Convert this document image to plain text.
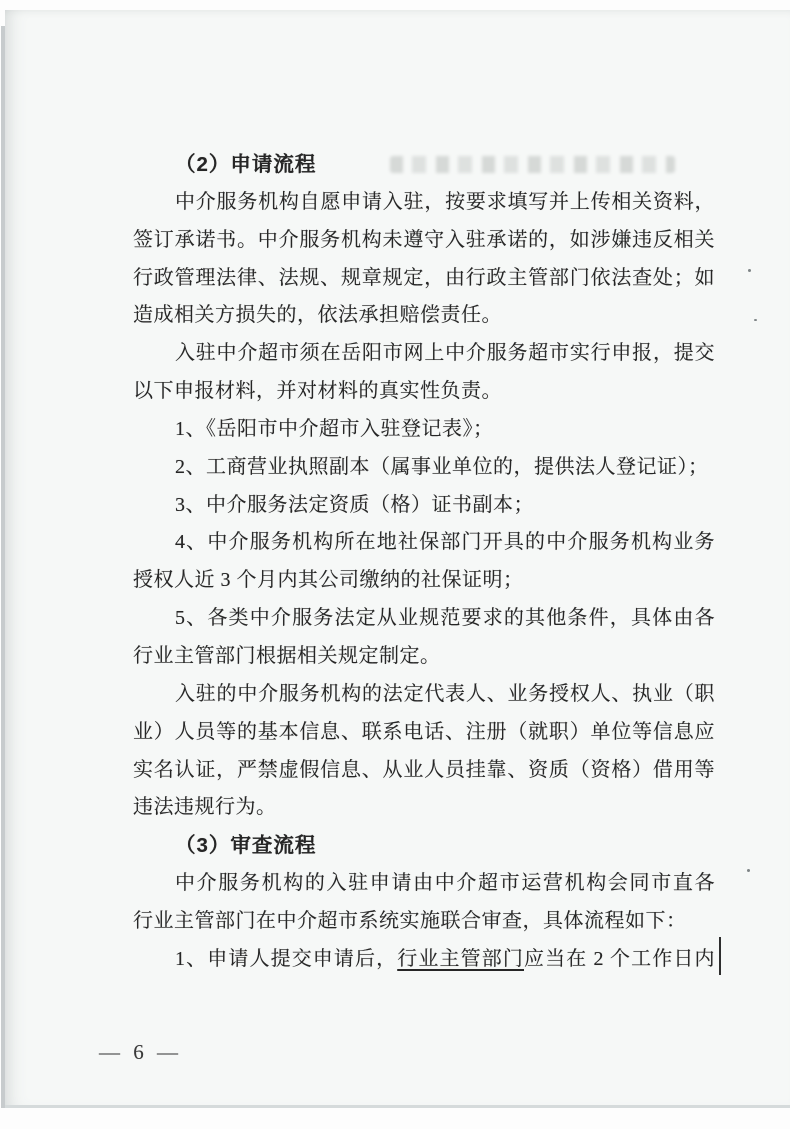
（2）申请流程
中介服务机构自愿申请入驻，按要求填写并上传相关资料，
签订承诺书。中介服务机构未遵守入驻承诺的，如涉嫌违反相关
行政管理法律、法规、规章规定，由行政主管部门依法查处；如
造成相关方损失的，依法承担赔偿责任。
入驻中介超市须在岳阳市网上中介服务超市实行申报，提交
以下申报材料，并对材料的真实性负责。
1、《岳阳市中介超市入驻登记表》；
2、工商营业执照副本（属事业单位的，提供法人登记证）；
3、中介服务法定资质（格）证书副本；
4、中介服务机构所在地社保部门开具的中介服务机构业务
授权人近 3 个月内其公司缴纳的社保证明；
5、各类中介服务法定从业规范要求的其他条件，具体由各
行业主管部门根据相关规定制定。
入驻的中介服务机构的法定代表人、业务授权人、执业（职
业）人员等的基本信息、联系电话、注册（就职）单位等信息应
实名认证，严禁虚假信息、从业人员挂靠、资质（资格）借用等
违法违规行为。
（3）审查流程
中介服务机构的入驻申请由中介超市运营机构会同市直各
行业主管部门在中介超市系统实施联合审查，具体流程如下：
1、申请人提交申请后，行业主管部门应当在 2 个工作日内
— 6 —
